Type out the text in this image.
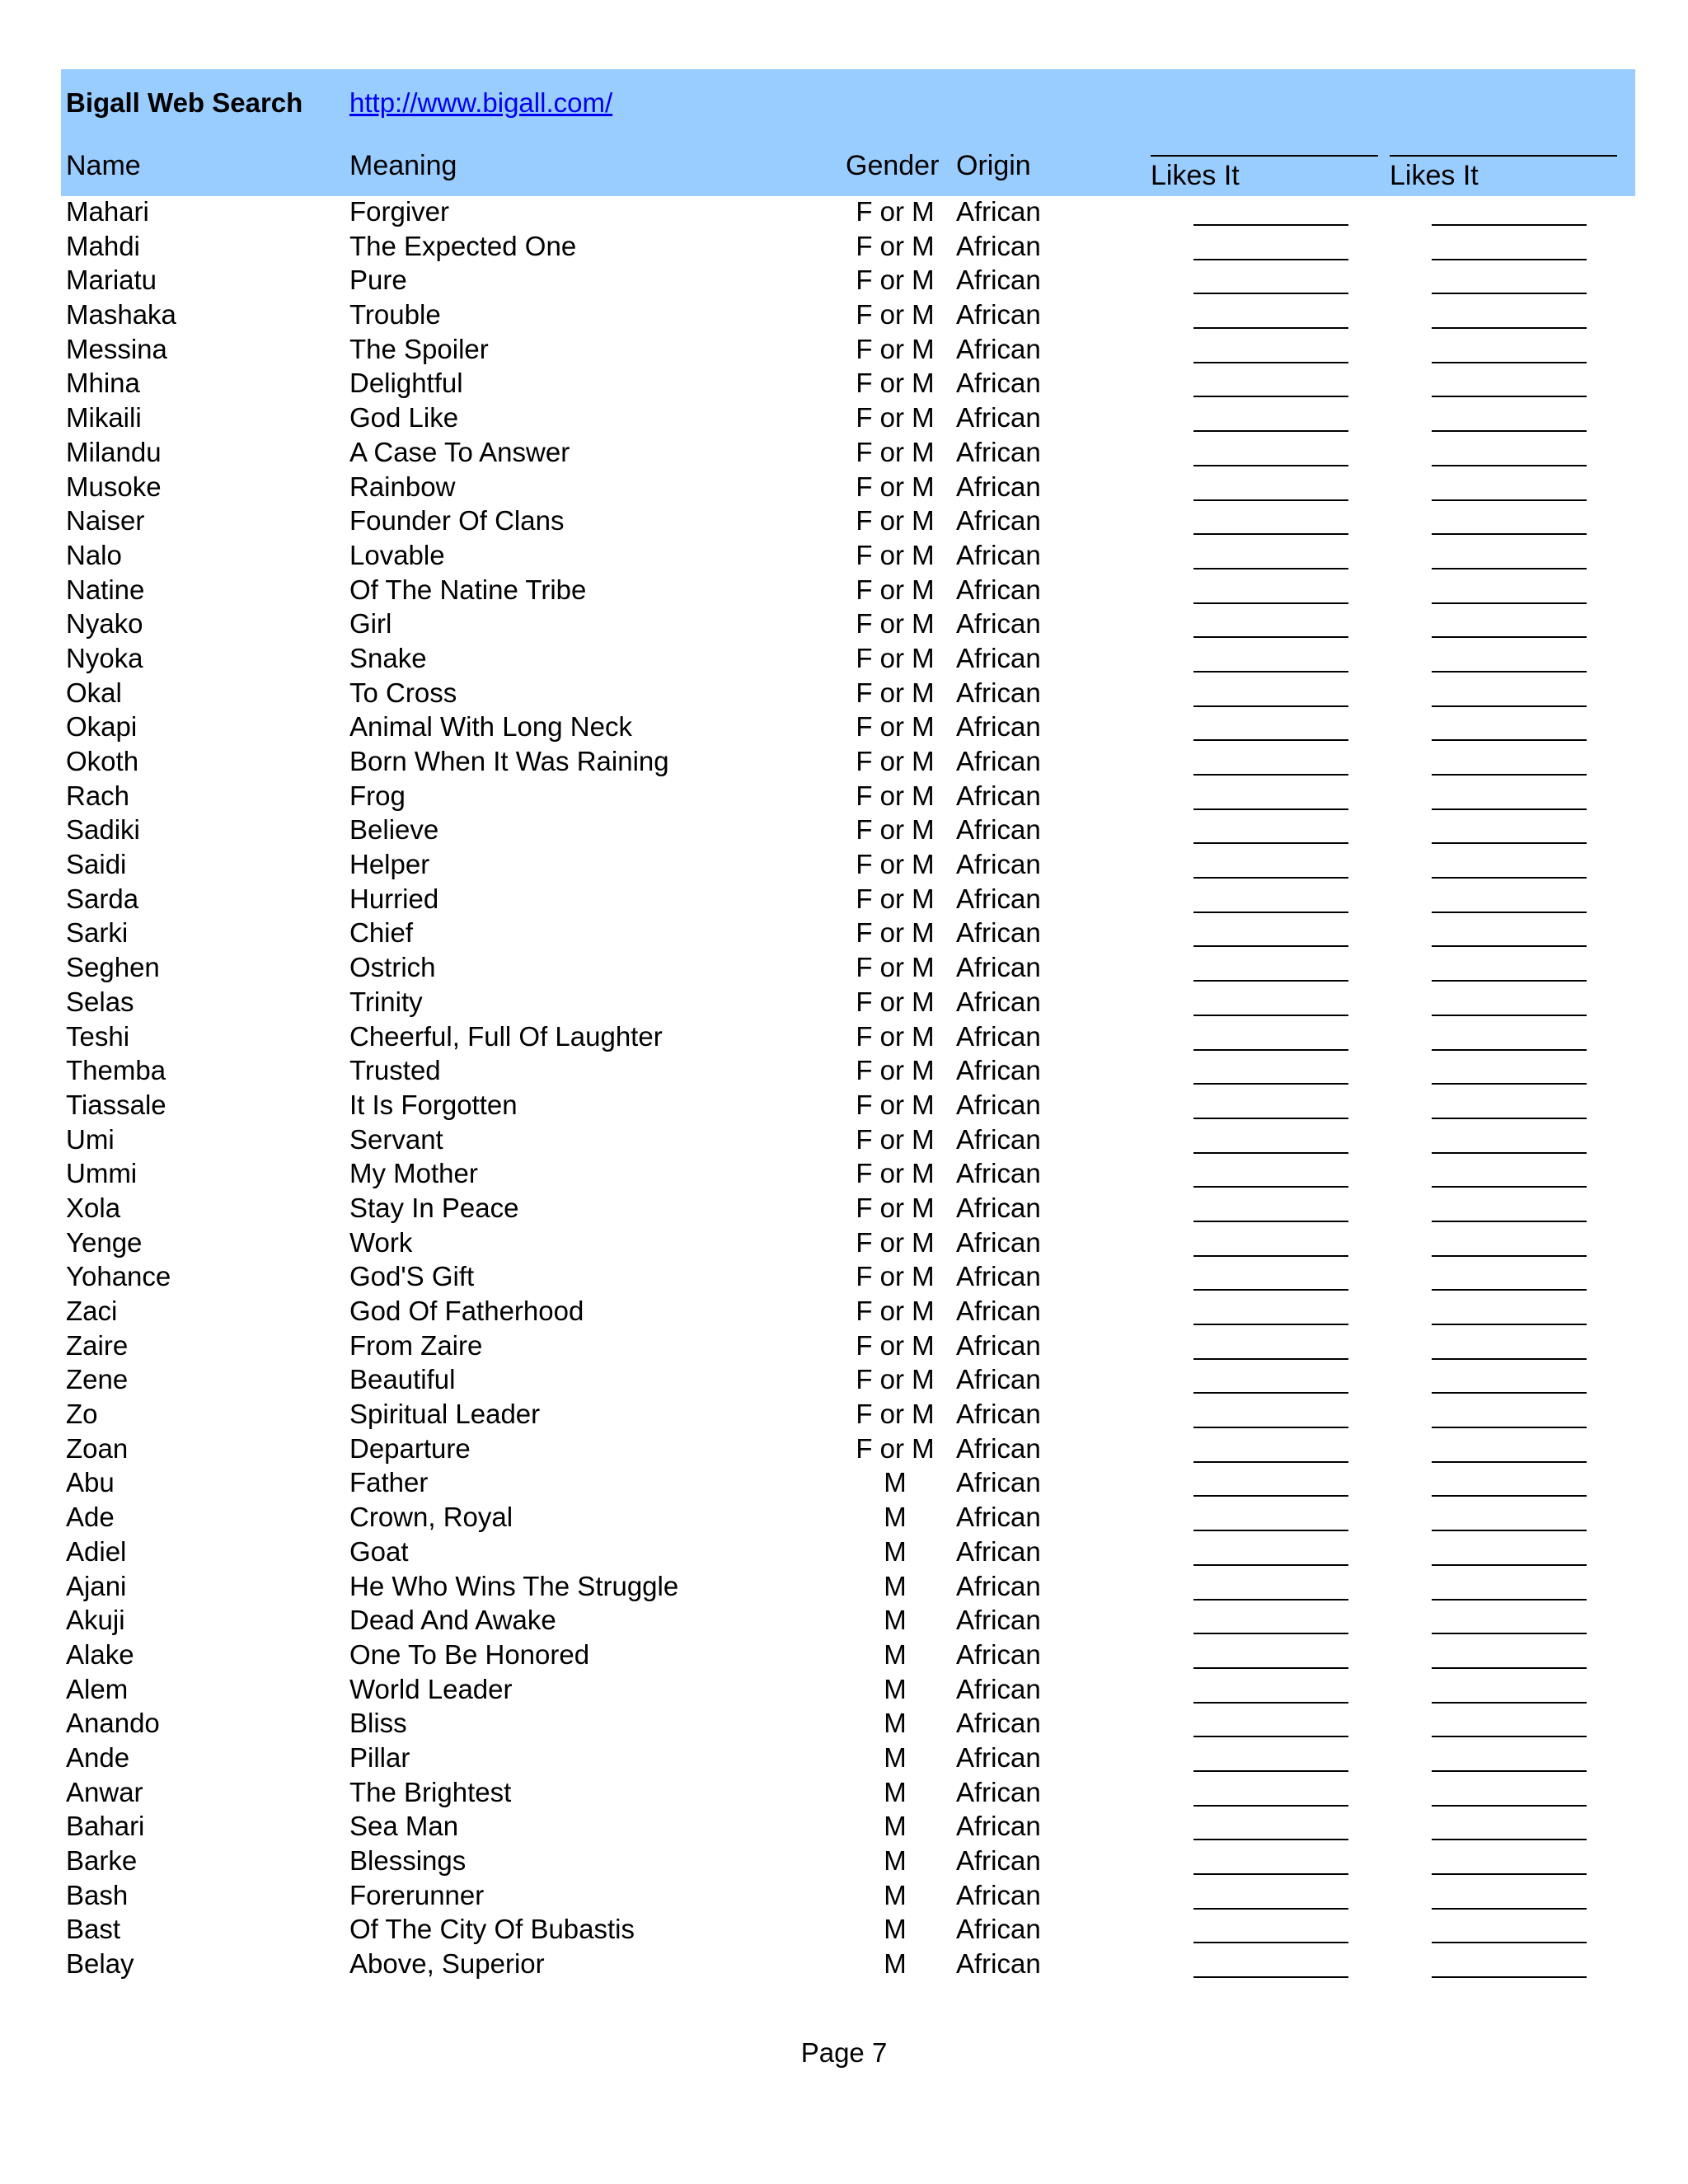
Bigall Web Search http://www.bigall.com/
Name	Meaning	Gender Origin	Likes It	Likes It
Mahari	Forgiver	F or M African
Mahdi	The Expected One	F or M African
Mariatu	Pure	F or M African
Mashaka	Trouble	F or M African
Messina	The Spoiler	F or M African
Mhina	Delightful	F or M African
Mikaili	God Like	F or M African
Milandu	A Case To Answer	F or M African
Musoke	Rainbow	F or M African
Naiser	Founder Of Clans	F or M African
Nalo	Lovable	F or M African
Natine	Of The Natine Tribe	F or M African
Nyako	Girl	F or M African
Nyoka	Snake	F or M African
Okal	To Cross	F or M African
Okapi	Animal With Long Neck	F or M African
Okoth	Born When It Was Raining	F or M African
Rach	Frog	F or M African
Sadiki	Believe	F or M African
Saidi	Helper	F or M African
Sarda	Hurried	F or M African
Sarki	Chief	F or M African
Seghen	Ostrich	F or M African
Selas	Trinity	F or M African
Teshi	Cheerful, Full Of Laughter	F or M African
Themba	Trusted	F or M African
Tiassale	It Is Forgotten	F or M African
Umi	Servant	F or M African
Ummi	My Mother	F or M African
Xola	Stay In Peace	F or M African
Yenge	Work	F or M African
Yohance	God'S Gift	F or M African
Zaci	God Of Fatherhood	F or M African
Zaire	From Zaire	F or M African
Zene	Beautiful	F or M African
Zo	Spiritual Leader	F or M African
Zoan	Departure	F or M African
Abu	Father	M African
Ade	Crown, Royal	M African
Adiel	Goat	M African
Ajani	He Who Wins The Struggle	M African
Akuji	Dead And Awake	M African
Alake	One To Be Honored	M African
Alem	World Leader	M African
Anando	Bliss	M African
Ande	Pillar	M African
Anwar	The Brightest	M African
Bahari	Sea Man	M African
Barke	Blessings	M African
Bash	Forerunner	M African
Bast	Of The City Of Bubastis	M African
Belay	Above, Superior	M African
Page 7
